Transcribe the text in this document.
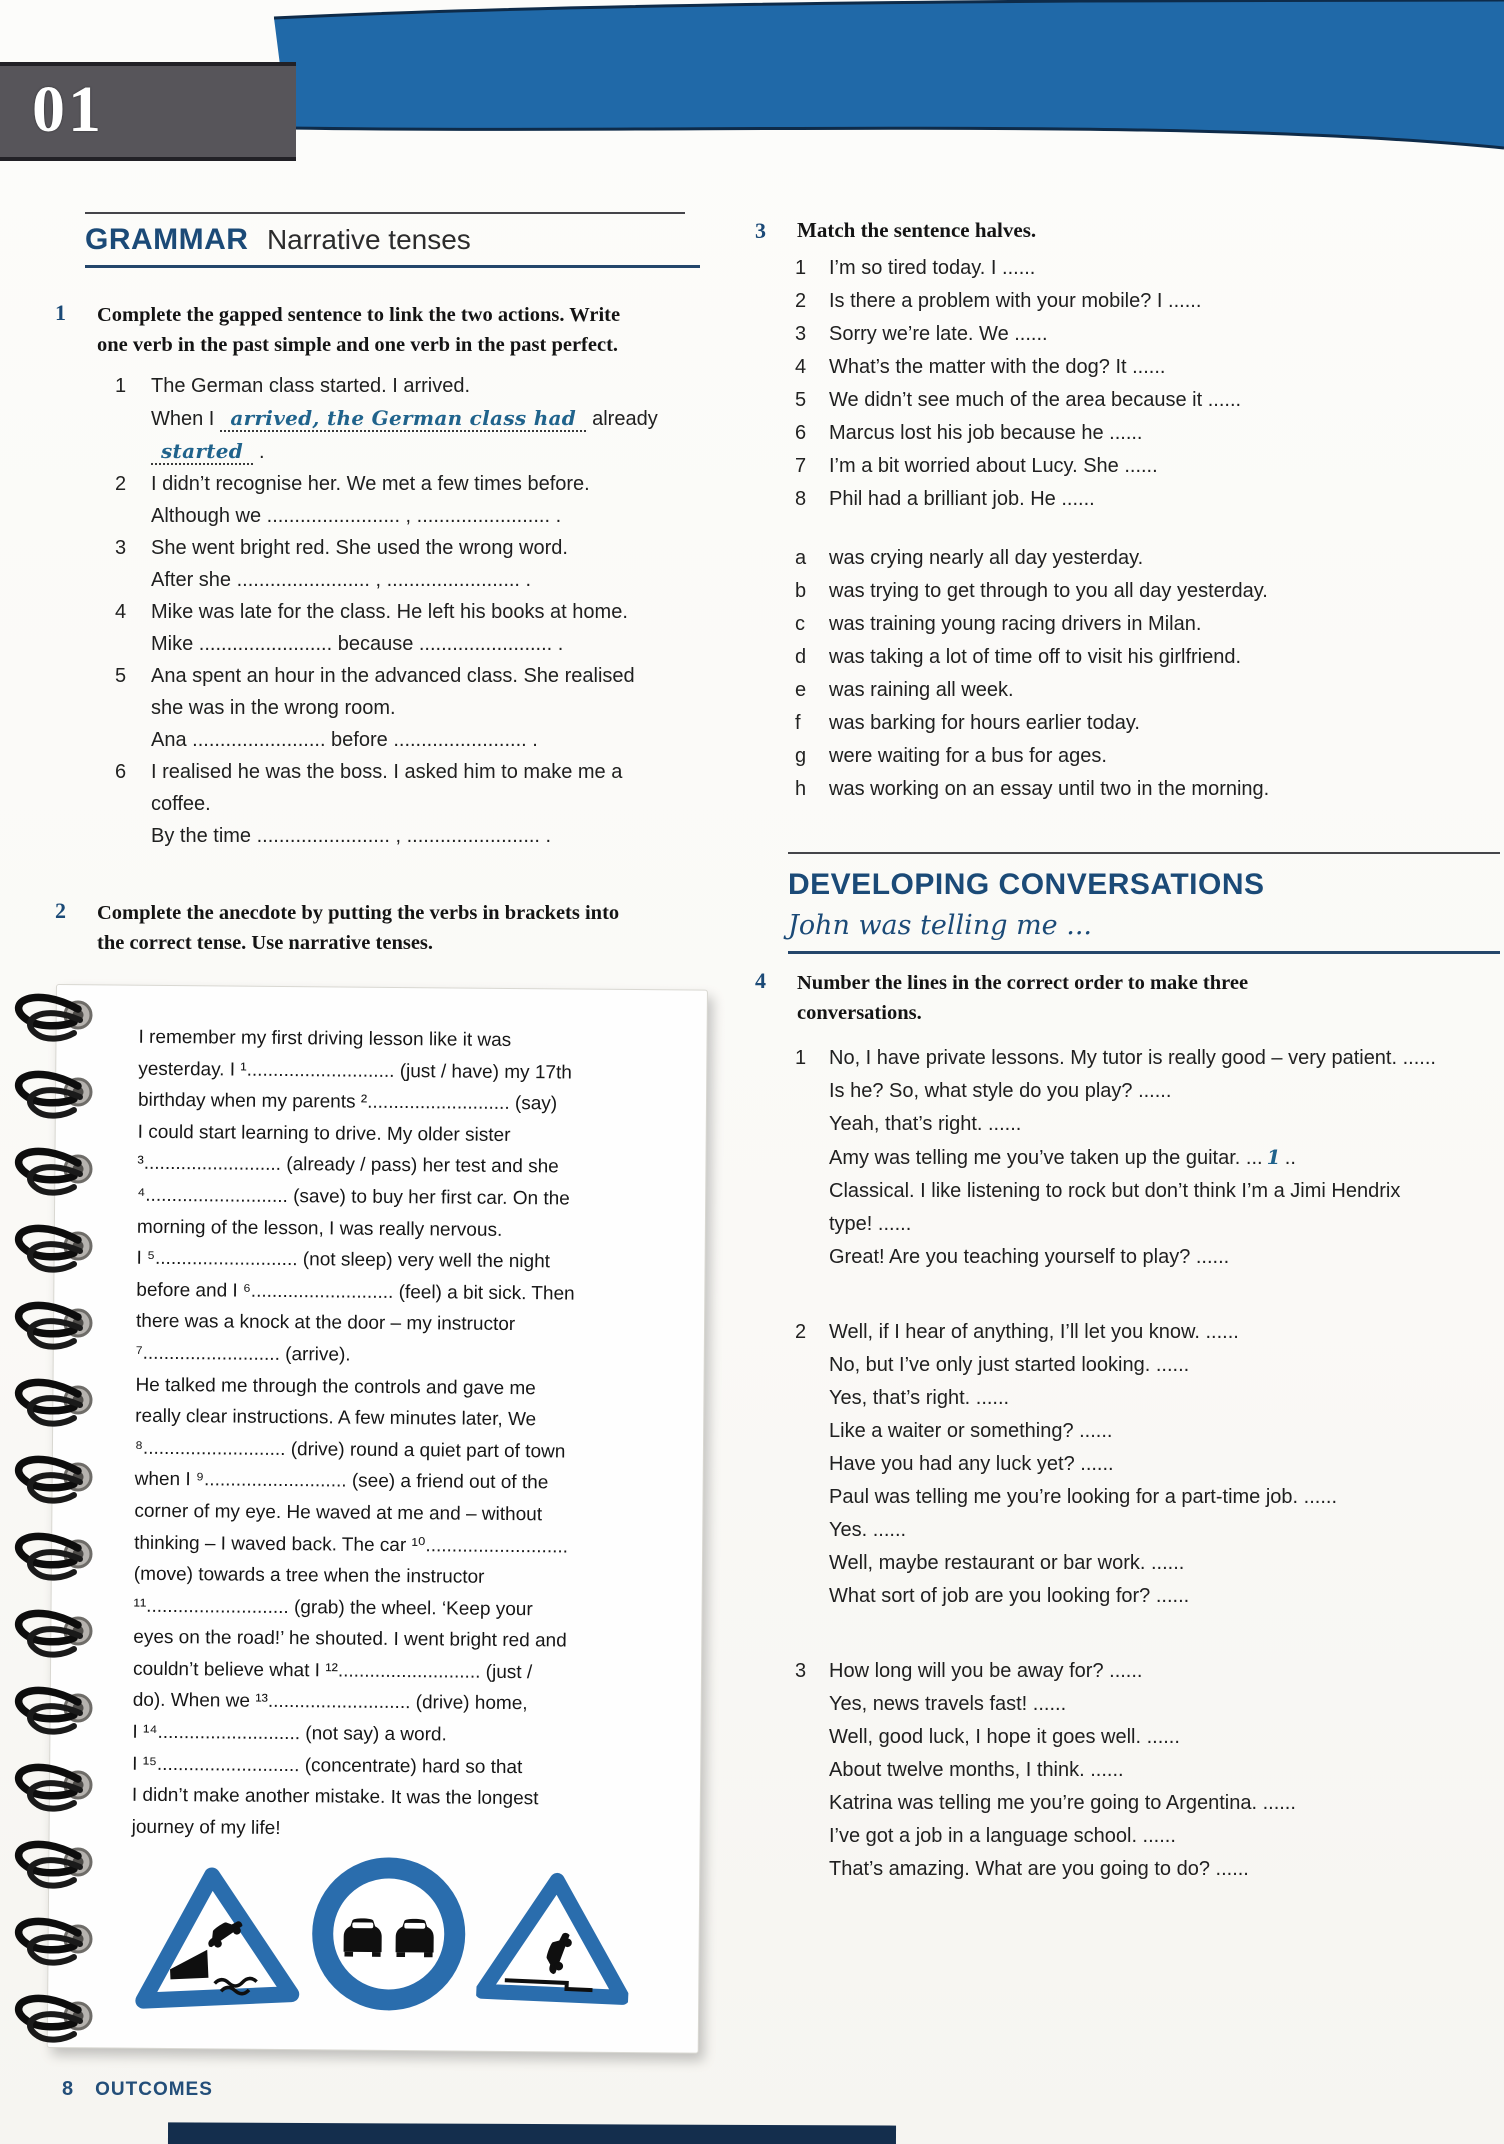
01
GRAMMAR Narrative tenses
1	Complete the gapped sentence to link the two actions. Write one verb in the past simple and one verb in the past perfect.
1	The German class started. I arrived.
When I arrived, the German class had already
started .
2	I didn’t recognise her. We met a few times before.
Although we ........................ , ........................ .
3	She went bright red. She used the wrong word.
After she ........................ , ........................ .
4	Mike was late for the class. He left his books at home.
Mike ........................ because ........................ .
5	Ana spent an hour in the advanced class. She realised she was in the wrong room.
Ana ........................ before ........................ .
6	I realised he was the boss. I asked him to make me a coffee.
By the time ........................ , ........................ .
2	Complete the anecdote by putting the verbs in brackets into the correct tense. Use narrative tenses.
I remember my first driving lesson like it was
yesterday. I ¹............................ (just / have) my 17th
birthday when my parents ²........................... (say)
I could start learning to drive. My older sister
³.......................... (already / pass) her test and she
⁴........................... (save) to buy her first car. On the
morning of the lesson, I was really nervous.
I ⁵........................... (not sleep) very well the night
before and I ⁶........................... (feel) a bit sick. Then
there was a knock at the door – my instructor
⁷.......................... (arrive).
He talked me through the controls and gave me
really clear instructions. A few minutes later, We
⁸........................... (drive) round a quiet part of town
when I ⁹........................... (see) a friend out of the
corner of my eye. He waved at me and – without
thinking – I waved back. The car ¹⁰...........................
(move) towards a tree when the instructor
¹¹........................... (grab) the wheel. ‘Keep your
eyes on the road!’ he shouted. I went bright red and
couldn’t believe what I ¹²........................... (just /
do). When we ¹³........................... (drive) home,
I ¹⁴........................... (not say) a word.
I ¹⁵........................... (concentrate) hard so that
I didn’t make another mistake. It was the longest
journey of my life!
3	Match the sentence halves.
1	I’m so tired today. I ......
2	Is there a problem with your mobile? I ......
3	Sorry we’re late. We ......
4	What’s the matter with the dog? It ......
5	We didn’t see much of the area because it ......
6	Marcus lost his job because he ......
7	I’m a bit worried about Lucy. She ......
8	Phil had a brilliant job. He ......
a	was crying nearly all day yesterday.
b	was trying to get through to you all day yesterday.
c	was training young racing drivers in Milan.
d	was taking a lot of time off to visit his girlfriend.
e	was raining all week.
f	was barking for hours earlier today.
g	were waiting for a bus for ages.
h	was working on an essay until two in the morning.
DEVELOPING CONVERSATIONS
John was telling me ...
4	Number the lines in the correct order to make three conversations.
1	No, I have private lessons. My tutor is really good – very patient. ......
Is he? So, what style do you play? ......
Yeah, that’s right. ......
Amy was telling me you’ve taken up the guitar. ... 1 ..
Classical. I like listening to rock but don’t think I’m a Jimi Hendrix type! ......
Great! Are you teaching yourself to play? ......
2	Well, if I hear of anything, I’ll let you know. ......
No, but I’ve only just started looking. ......
Yes, that’s right. ......
Like a waiter or something? ......
Have you had any luck yet? ......
Paul was telling me you’re looking for a part-time job. ......
Yes. ......
Well, maybe restaurant or bar work. ......
What sort of job are you looking for? ......
3	How long will you be away for? ......
Yes, news travels fast! ......
Well, good luck, I hope it goes well. ......
About twelve months, I think. ......
Katrina was telling me you’re going to Argentina. ......
I’ve got a job in a language school. ......
That’s amazing. What are you going to do? ......
8 OUTCOMES
